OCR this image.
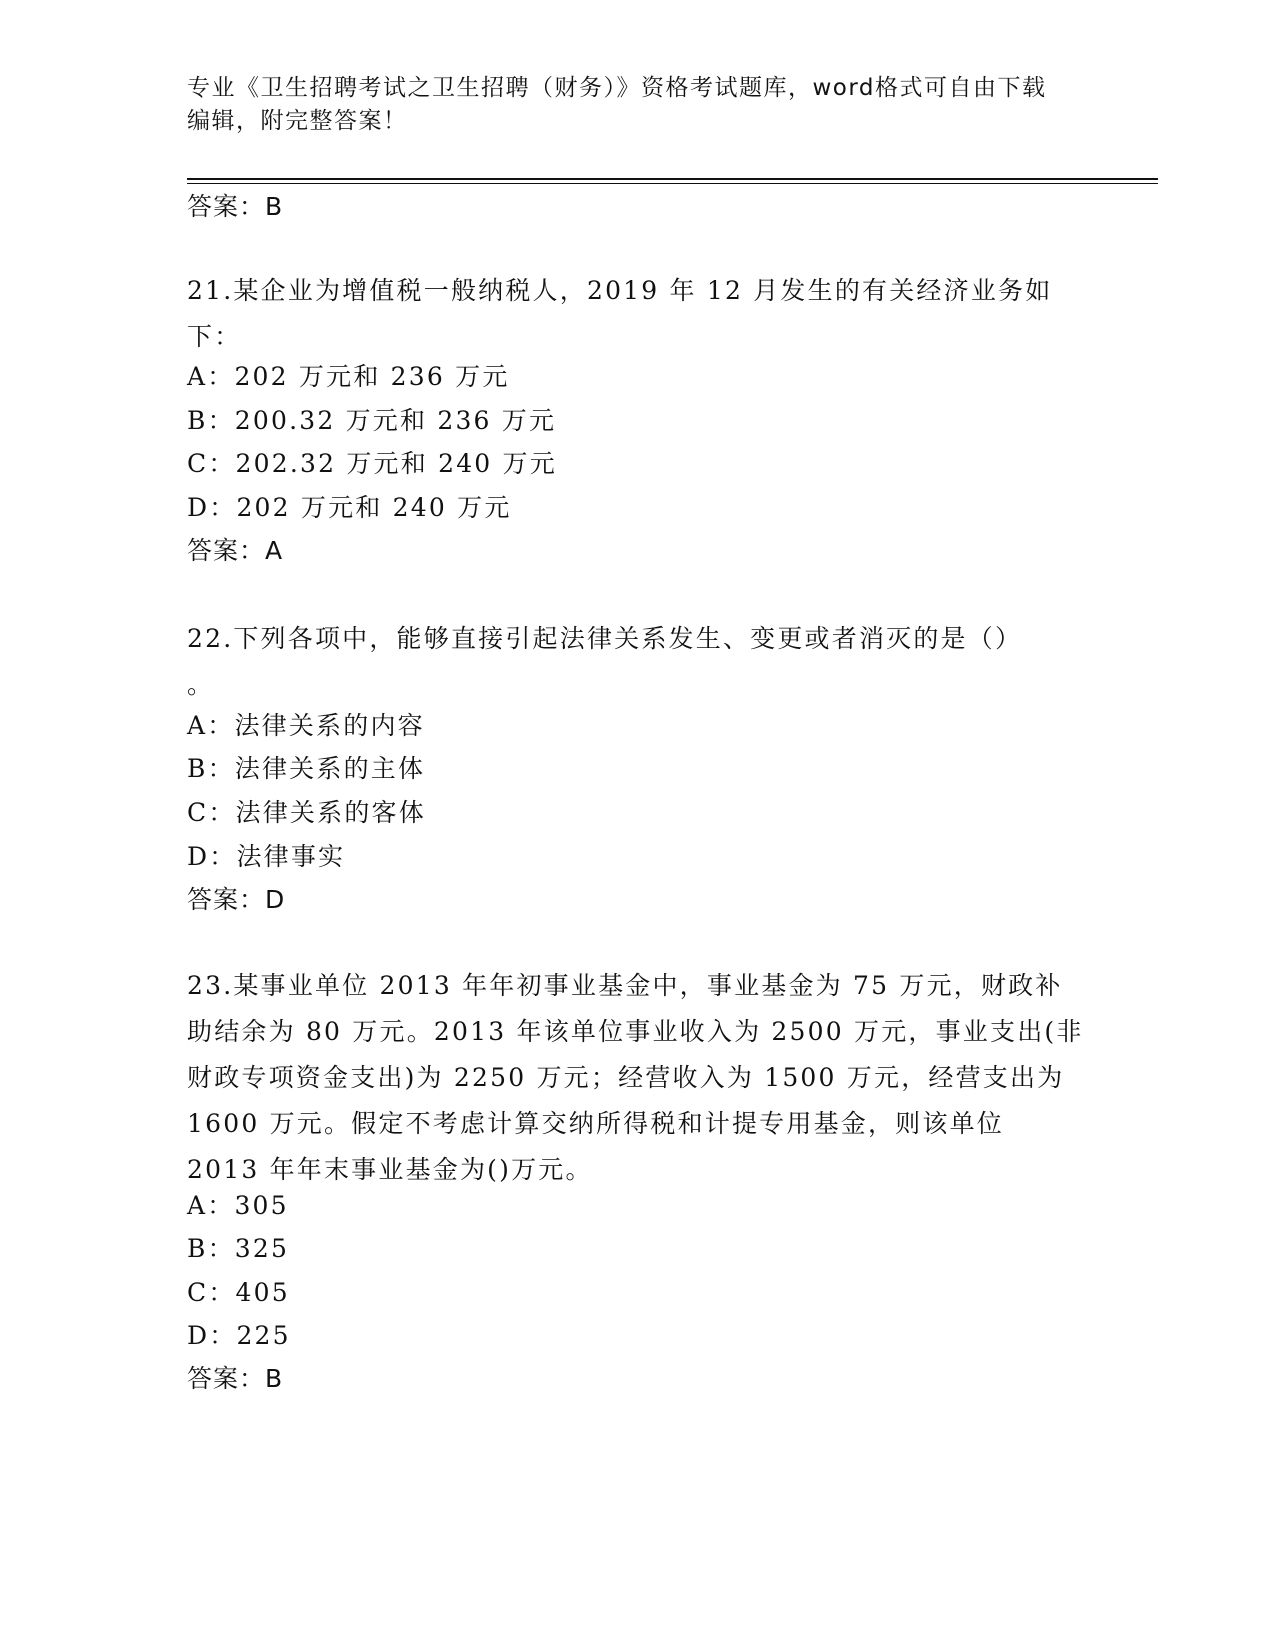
专业《卫生招聘考试之卫生招聘（财务）》资格考试题库，word格式可自由下载
编辑，附完整答案！
答案：B

21.某企业为增值税一般纳税人，2019 年 12 月发生的有关经济业务如

下：

A：202 万元和 236 万元
B：200.32 万元和 236 万元
C：202.32 万元和 240 万元
D：202 万元和 240 万元
答案：A

22.下列各项中，能够直接引起法律关系发生、变更或者消灭的是（）

。

A：法律关系的内容
B：法律关系的主体
C：法律关系的客体
D：法律事实
答案：D

23.某事业单位 2013 年年初事业基金中，事业基金为 75 万元，财政补

助结余为 80 万元。2013 年该单位事业收入为 2500 万元，事业支出(非

财政专项资金支出)为 2250 万元；经营收入为 1500 万元，经营支出为

1600 万元。假定不考虑计算交纳所得税和计提专用基金，则该单位

2013 年年末事业基金为()万元。

A：305
B：325
C：405
D：225
答案：B
